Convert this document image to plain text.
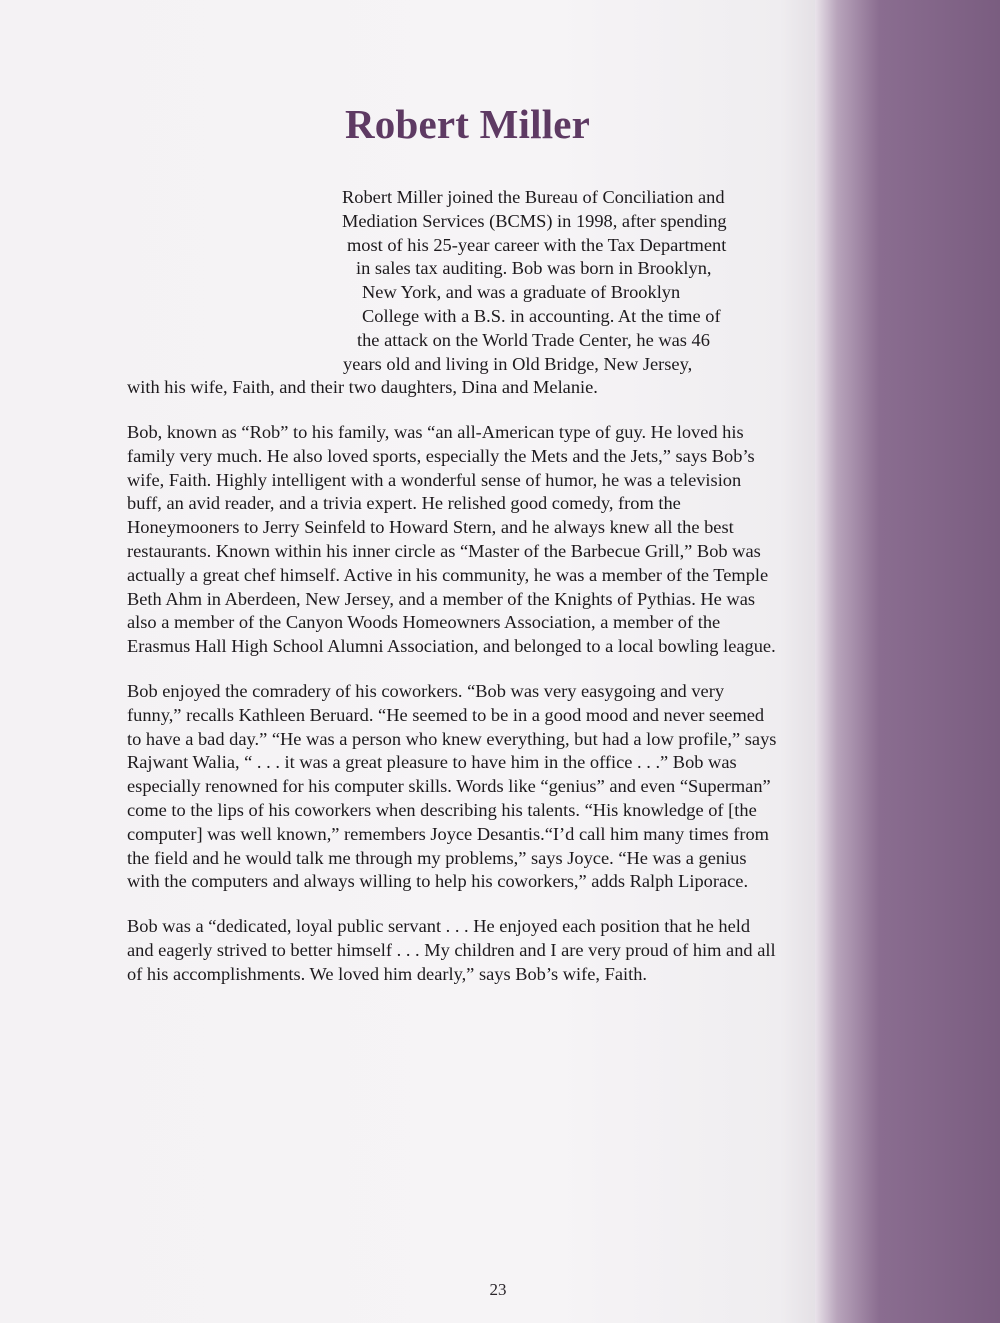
Robert Miller
Robert Miller joined the Bureau of Conciliation and
Mediation Services (BCMS) in 1998, after spending
most of his 25-year career with the Tax Department
in sales tax auditing. Bob was born in Brooklyn,
New York, and was a graduate of Brooklyn
College with a B.S. in accounting. At the time of
the attack on the World Trade Center, he was 46
years old and living in Old Bridge, New Jersey,
with his wife, Faith, and their two daughters, Dina and Melanie.

Bob, known as “Rob” to his family, was “an all-American type of guy. He loved his family very much. He also loved sports, especially the Mets and the Jets,” says Bob’s wife, Faith. Highly intelligent with a wonderful sense of humor, he was a television buff, an avid reader, and a trivia expert. He relished good comedy, from the Honeymooners to Jerry Seinfeld to Howard Stern, and he always knew all the best restaurants. Known within his inner circle as “Master of the Barbecue Grill,” Bob was actually a great chef himself. Active in his community, he was a member of the Temple Beth Ahm in Aberdeen, New Jersey, and a member of the Knights of Pythias. He was also a member of the Canyon Woods Homeowners Association, a member of the Erasmus Hall High School Alumni Association, and belonged to a local bowling league.

Bob enjoyed the comradery of his coworkers. “Bob was very easygoing and very funny,” recalls Kathleen Beruard. “He seemed to be in a good mood and never seemed to have a bad day.” “He was a person who knew everything, but had a low profile,” says Rajwant Walia, “ . . . it was a great pleasure to have him in the office . . .” Bob was especially renowned for his computer skills. Words like “genius” and even “Superman” come to the lips of his coworkers when describing his talents. “His knowledge of [the computer] was well known,” remembers Joyce Desantis.“I’d call him many times from the field and he would talk me through my problems,” says Joyce. “He was a genius with the computers and always willing to help his coworkers,” adds Ralph Liporace.

Bob was a “dedicated, loyal public servant . . . He enjoyed each position that he held and eagerly strived to better himself . . . My children and I are very proud of him and all of his accomplishments. We loved him dearly,” says Bob’s wife, Faith.

23
